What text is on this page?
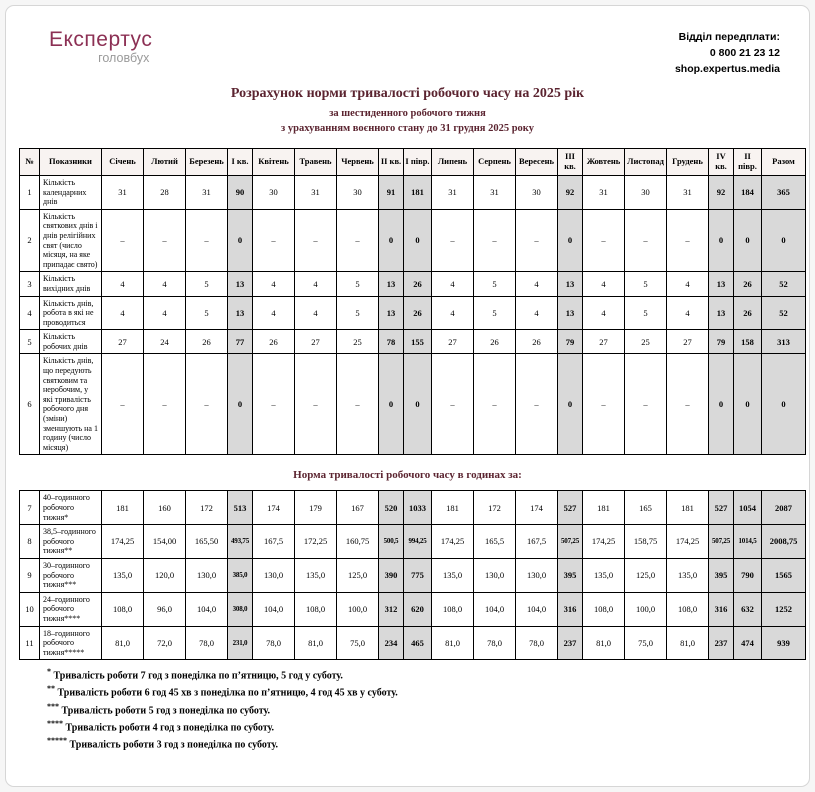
Експертус
головбух
Відділ передплати:
0 800 21 23 12
shop.expertus.media
Розрахунок норми тривалості робочого часу на 2025 рік
за шестиденного робочого тижня
з урахуванням воєнного стану до 31 грудня 2025 року
№	Показники	Січень	Лютий	Березень	I кв.	Квітень	Травень	Червень	II кв.	I півр.	Липень	Серпень	Вересень	III кв.	Жовтень	Листопад	Грудень	IV кв.	II півр.	Разом
1	Кількість календарних днів	31	28	31	90	30	31	30	91	181	31	31	30	92	31	30	31	92	184	365
2	Кількість святкових днів і днів релігійних свят (число місяця, на яке припадає свято)	–	–	–	0	–	–	–	0	0	–	–	–	0	–	–	–	0	0	0
3	Кількість вихідних днів	4	4	5	13	4	4	5	13	26	4	5	4	13	4	5	4	13	26	52
4	Кількість днів, робота в які не проводиться	4	4	5	13	4	4	5	13	26	4	5	4	13	4	5	4	13	26	52
5	Кількість робочих днів	27	24	26	77	26	27	25	78	155	27	26	26	79	27	25	27	79	158	313
6	Кількість днів, що передують святковим та неробочим, у які тривалість робочого дня (зміни) зменшують на 1 годину (число місяця)	–	–	–	0	–	–	–	0	0	–	–	–	0	–	–	–	0	0	0
Норма тривалості робочого часу в годинах за:
7	40–годинного робочого тижня*	181	160	172	513	174	179	167	520	1033	181	172	174	527	181	165	181	527	1054	2087
8	38,5–годинного робочого тижня**	174,25	154,00	165,50	493,75	167,5	172,25	160,75	500,5	994,25	174,25	165,5	167,5	507,25	174,25	158,75	174,25	507,25	1014,5	2008,75
9	30–годинного робочого тижня***	135,0	120,0	130,0	385,0	130,0	135,0	125,0	390	775	135,0	130,0	130,0	395	135,0	125,0	135,0	395	790	1565
10	24–годинного робочого тижня****	108,0	96,0	104,0	308,0	104,0	108,0	100,0	312	620	108,0	104,0	104,0	316	108,0	100,0	108,0	316	632	1252
11	18–годинного робочого тижня*****	81,0	72,0	78,0	231,0	78,0	81,0	75,0	234	465	81,0	78,0	78,0	237	81,0	75,0	81,0	237	474	939
* Тривалість роботи 7 год з понеділка по п’ятницю, 5 год у суботу.
** Тривалість роботи 6 год 45 хв з понеділка по п’ятницю, 4 год 45 хв у суботу.
*** Тривалість роботи 5 год з понеділка по суботу.
**** Тривалість роботи 4 год з понеділка по суботу.
***** Тривалість роботи 3 год з понеділка по суботу.
